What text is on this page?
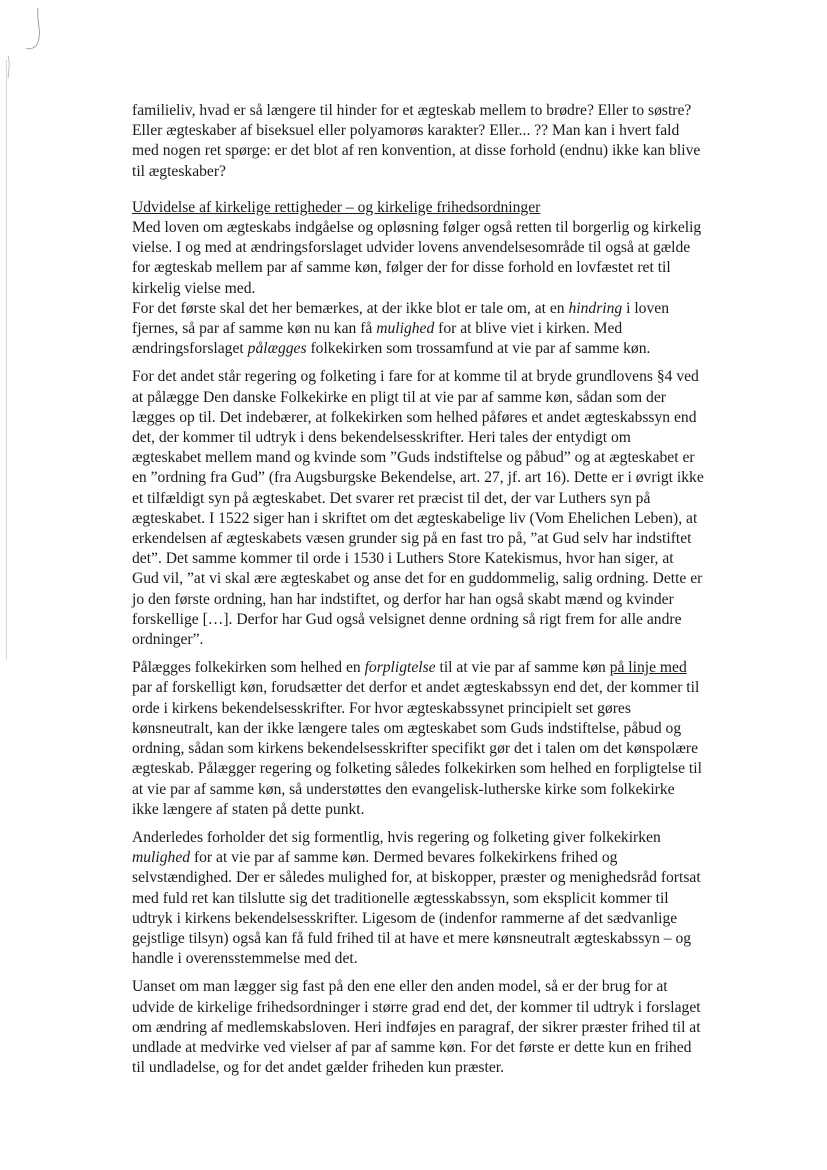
familieliv, hvad er så længere til hinder for et ægteskab mellem to brødre? Eller to søstre? Eller ægteskaber af biseksuel eller polyamorøs karakter? Eller... ?? Man kan i hvert fald med nogen ret spørge: er det blot af ren konvention, at disse forhold (endnu) ikke kan blive til ægteskaber?

Udvidelse af kirkelige rettigheder – og kirkelige frihedsordninger

Med loven om ægteskabs indgåelse og opløsning følger også retten til borgerlig og kirkelig vielse. I og med at ændringsforslaget udvider lovens anvendelsesområde til også at gælde for ægteskab mellem par af samme køn, følger der for disse forhold en lovfæstet ret til kirkelig vielse med.

For det første skal det her bemærkes, at der ikke blot er tale om, at en hindring i loven fjernes, så par af samme køn nu kan få mulighed for at blive viet i kirken. Med ændringsforslaget pålægges folkekirken som trossamfund at vie par af samme køn.

For det andet står regering og folketing i fare for at komme til at bryde grundlovens §4 ved at pålægge Den danske Folkekirke en pligt til at vie par af samme køn, sådan som der lægges op til. Det indebærer, at folkekirken som helhed påføres et andet ægteskabssyn end det, der kommer til udtryk i dens bekendelsesskrifter. Heri tales der entydigt om ægteskabet mellem mand og kvinde som ”Guds indstiftelse og påbud” og at ægteskabet er en ”ordning fra Gud” (fra Augsburgske Bekendelse, art. 27, jf. art 16). Dette er i øvrigt ikke et tilfældigt syn på ægteskabet. Det svarer ret præcist til det, der var Luthers syn på ægteskabet. I 1522 siger han i skriftet om det ægteskabelige liv (Vom Ehelichen Leben), at erkendelsen af ægteskabets væsen grunder sig på en fast tro på, ”at Gud selv har indstiftet det”. Det samme kommer til orde i 1530 i Luthers Store Katekismus, hvor han siger, at Gud vil, ”at vi skal ære ægteskabet og anse det for en guddommelig, salig ordning. Dette er jo den første ordning, han har indstiftet, og derfor har han også skabt mænd og kvinder forskellige […]. Derfor har Gud også velsignet denne ordning så rigt frem for alle andre ordninger”.

Pålægges folkekirken som helhed en forpligtelse til at vie par af samme køn på linje med par af forskelligt køn, forudsætter det derfor et andet ægteskabssyn end det, der kommer til orde i kirkens bekendelsesskrifter. For hvor ægteskabssynet principielt set gøres kønsneutralt, kan der ikke længere tales om ægteskabet som Guds indstiftelse, påbud og ordning, sådan som kirkens bekendelsesskrifter specifikt gør det i talen om det kønspolære ægteskab. Pålægger regering og folketing således folkekirken som helhed en forpligtelse til at vie par af samme køn, så understøttes den evangelisk-lutherske kirke som folkekirke ikke længere af staten på dette punkt.

Anderledes forholder det sig formentlig, hvis regering og folketing giver folkekirken mulighed for at vie par af samme køn. Dermed bevares folkekirkens frihed og selvstændighed. Der er således mulighed for, at biskopper, præster og menighedsråd fortsat med fuld ret kan tilslutte sig det traditionelle ægtesskabssyn, som eksplicit kommer til udtryk i kirkens bekendelsesskrifter. Ligesom de (indenfor rammerne af det sædvanlige gejstlige tilsyn) også kan få fuld frihed til at have et mere kønsneutralt ægteskabssyn – og handle i overensstemmelse med det.

Uanset om man lægger sig fast på den ene eller den anden model, så er der brug for at udvide de kirkelige frihedsordninger i større grad end det, der kommer til udtryk i forslaget om ændring af medlemskabsloven. Heri indføjes en paragraf, der sikrer præster frihed til at undlade at medvirke ved vielser af par af samme køn. For det første er dette kun en frihed til undladelse, og for det andet gælder friheden kun præster.
